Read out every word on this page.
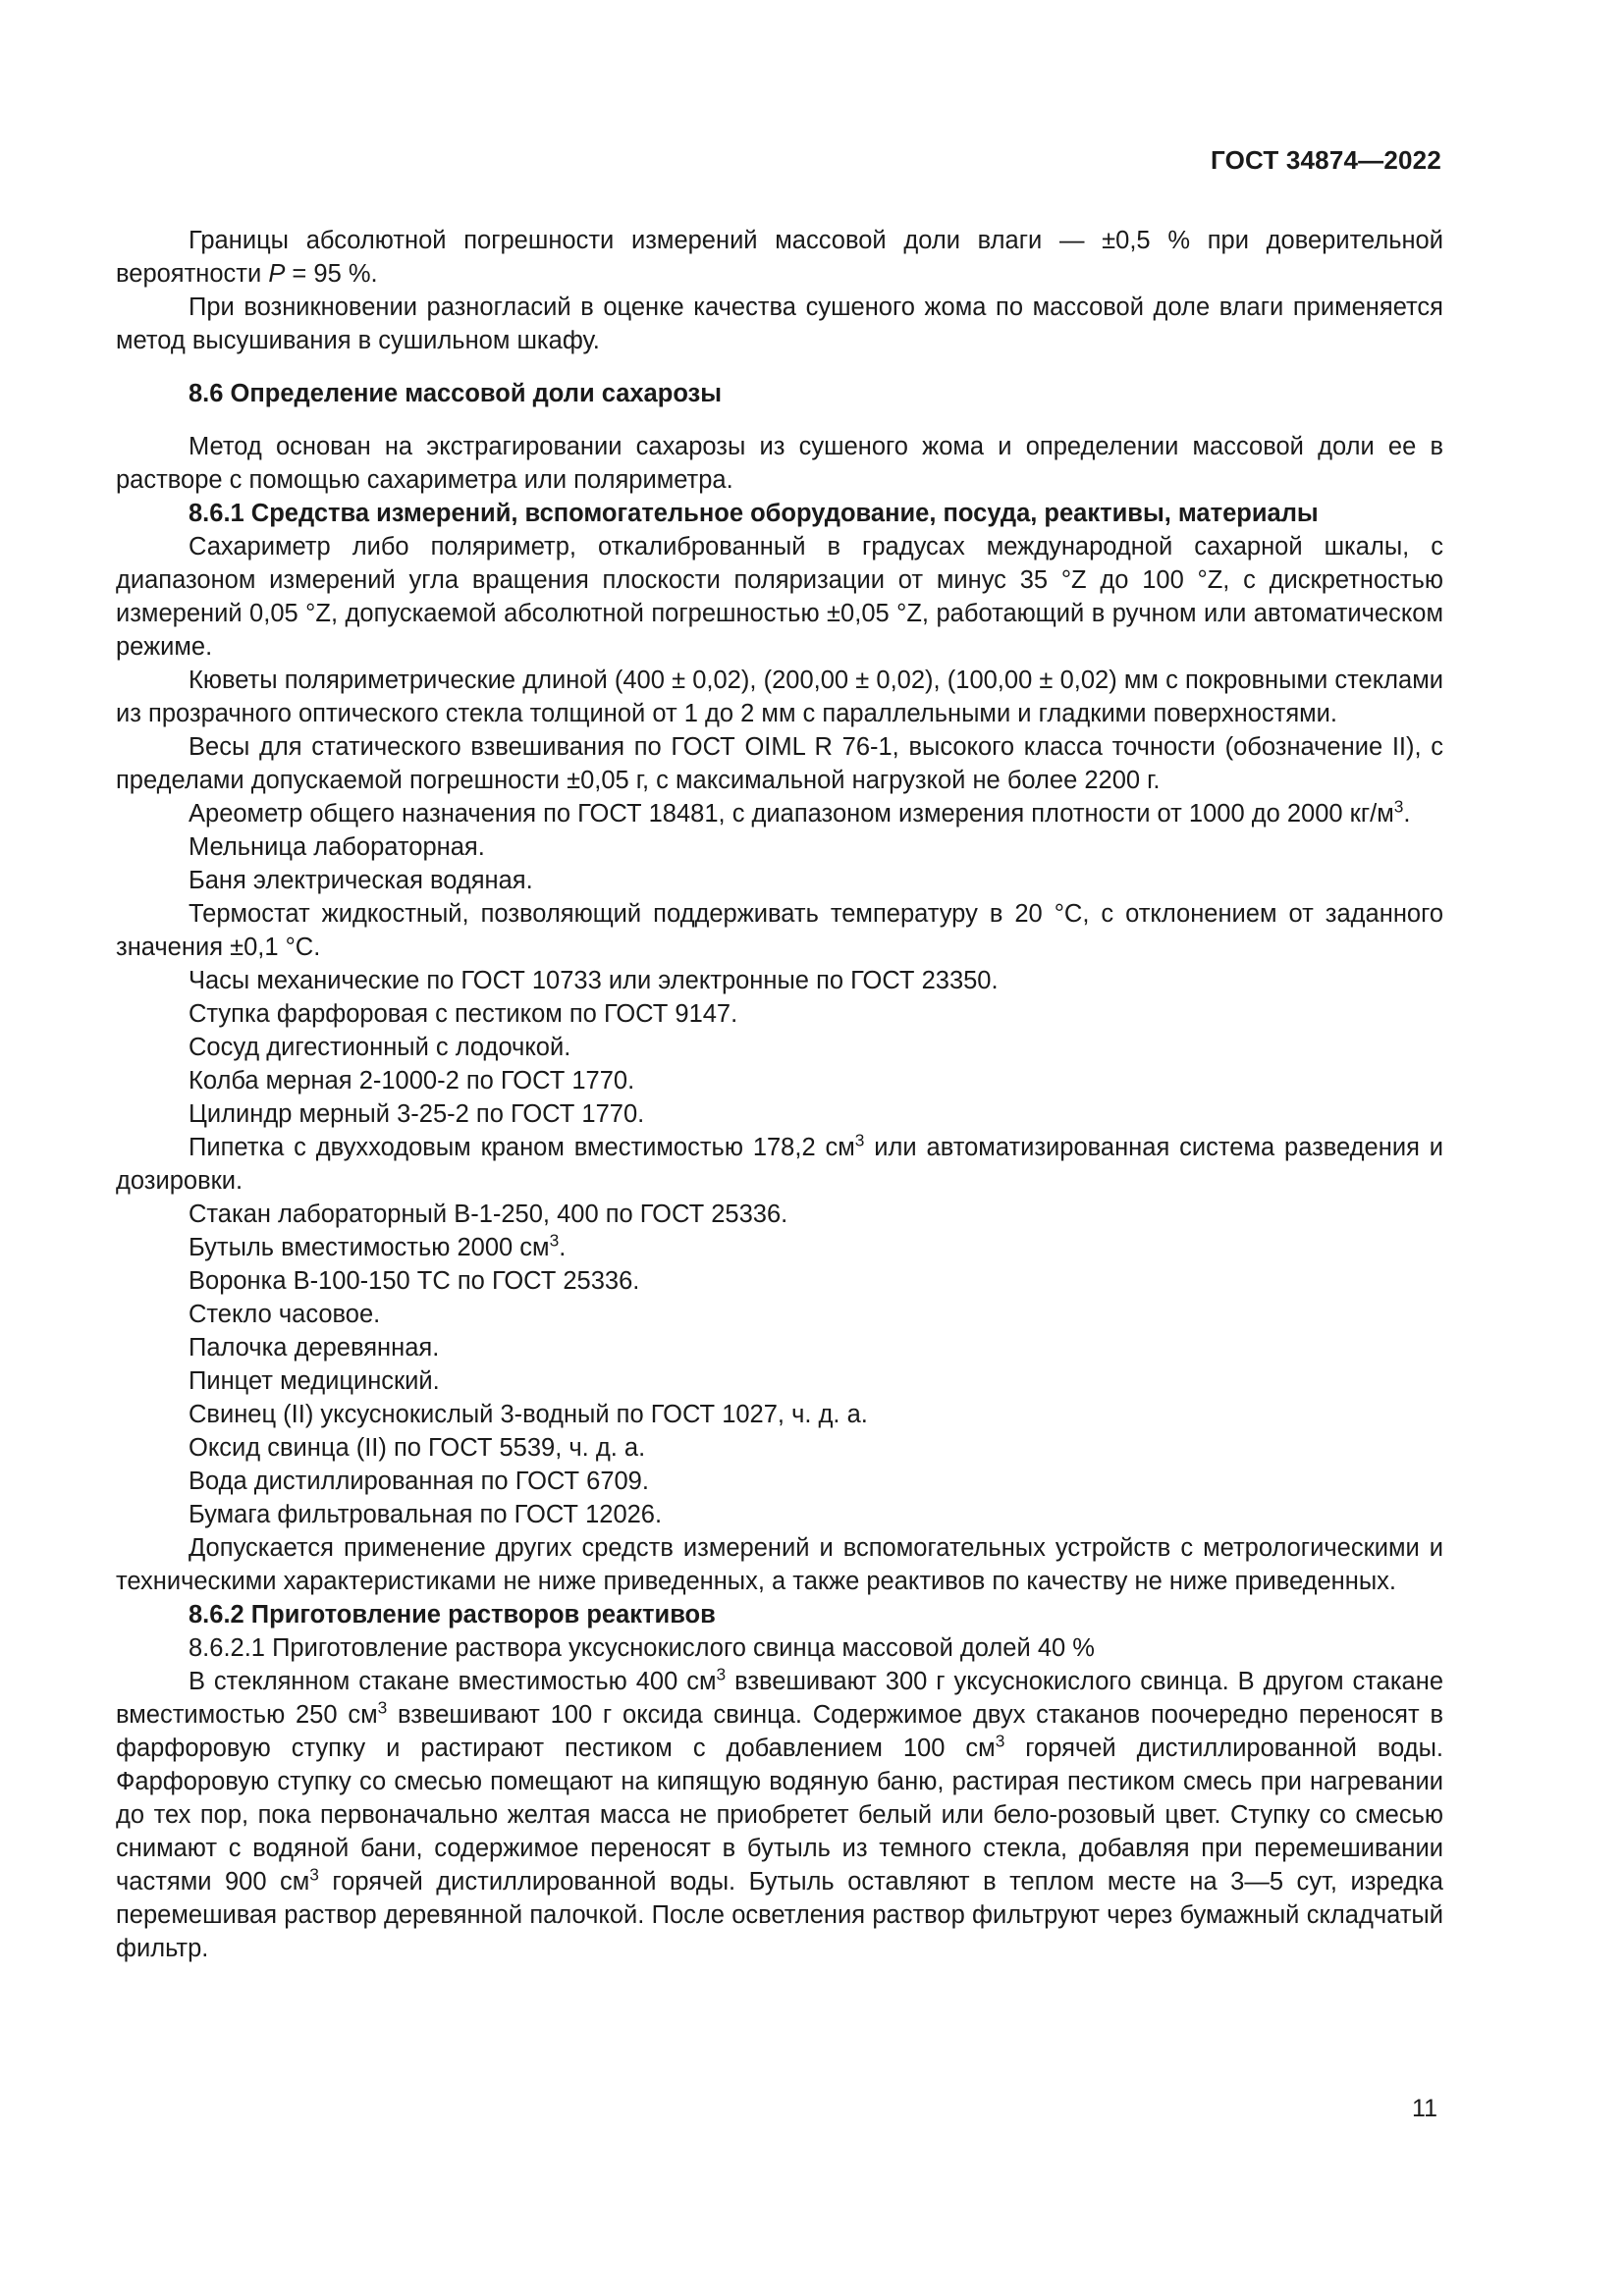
ГОСТ 34874—2022

Границы абсолютной погрешности измерений массовой доли влаги — ±0,5 % при доверительной вероятности P = 95 %.

При возникновении разногласий в оценке качества сушеного жома по массовой доле влаги применяется метод высушивания в сушильном шкафу.

8.6 Определение массовой доли сахарозы

Метод основан на экстрагировании сахарозы из сушеного жома и определении массовой доли ее в растворе с помощью сахариметра или поляриметра.

8.6.1 Средства измерений, вспомогательное оборудование, посуда, реактивы, материалы

Сахариметр либо поляриметр, откалиброванный в градусах международной сахарной шкалы, с диапазоном измерений угла вращения плоскости поляризации от минус 35 °Z до 100 °Z, с дискретностью измерений 0,05 °Z, допускаемой абсолютной погрешностью ±0,05 °Z, работающий в ручном или автоматическом режиме.

Кюветы поляриметрические длиной (400 ± 0,02), (200,00 ± 0,02), (100,00 ± 0,02) мм с покровными стеклами из прозрачного оптического стекла толщиной от 1 до 2 мм с параллельными и гладкими поверхностями.

Весы для статического взвешивания по ГОСТ OIML R 76-1, высокого класса точности (обозначение II), с пределами допускаемой погрешности ±0,05 г, с максимальной нагрузкой не более 2200 г.

Ареометр общего назначения по ГОСТ 18481, с диапазоном измерения плотности от 1000 до 2000 $кг/м^3$.

Мельница лабораторная.

Баня электрическая водяная.

Термостат жидкостный, позволяющий поддерживать температуру в 20 °С, с отклонением от заданного значения ±0,1 °С.

Часы механические по ГОСТ 10733 или электронные по ГОСТ 23350.

Ступка фарфоровая с пестиком по ГОСТ 9147.

Сосуд дигестионный с лодочкой.

Колба мерная 2-1000-2 по ГОСТ 1770.

Цилиндр мерный 3-25-2 по ГОСТ 1770.

Пипетка с двухходовым краном вместимостью 178,2 $см^3$ или автоматизированная система разведения и дозировки.

Стакан лабораторный В-1-250, 400 по ГОСТ 25336.

Бутыль вместимостью 2000 $см^3$.

Воронка В-100-150 ТС по ГОСТ 25336.

Стекло часовое.

Палочка деревянная.

Пинцет медицинский.

Свинец (II) уксуснокислый 3-водный по ГОСТ 1027, ч. д. а.

Оксид свинца (II) по ГОСТ 5539, ч. д. а.

Вода дистиллированная по ГОСТ 6709.

Бумага фильтровальная по ГОСТ 12026.

Допускается применение других средств измерений и вспомогательных устройств с метрологическими и техническими характеристиками не ниже приведенных, а также реактивов по качеству не ниже приведенных.

8.6.2 Приготовление растворов реактивов

8.6.2.1 Приготовление раствора уксуснокислого свинца массовой долей 40 %

В стеклянном стакане вместимостью 400 $см^3$ взвешивают 300 г уксуснокислого свинца. В другом стакане вместимостью 250 $см^3$ взвешивают 100 г оксида свинца. Содержимое двух стаканов поочередно переносят в фарфоровую ступку и растирают пестиком с добавлением 100 $см^3$ горячей дистиллированной воды. Фарфоровую ступку со смесью помещают на кипящую водяную баню, растирая пестиком смесь при нагревании до тех пор, пока первоначально желтая масса не приобретет белый или бело-розовый цвет. Ступку со смесью снимают с водяной бани, содержимое переносят в бутыль из темного стекла, добавляя при перемешивании частями 900 $см^3$ горячей дистиллированной воды. Бутыль оставляют в теплом месте на 3—5 сут, изредка перемешивая раствор деревянной палочкой. После осветления раствор фильтруют через бумажный складчатый фильтр.

11
